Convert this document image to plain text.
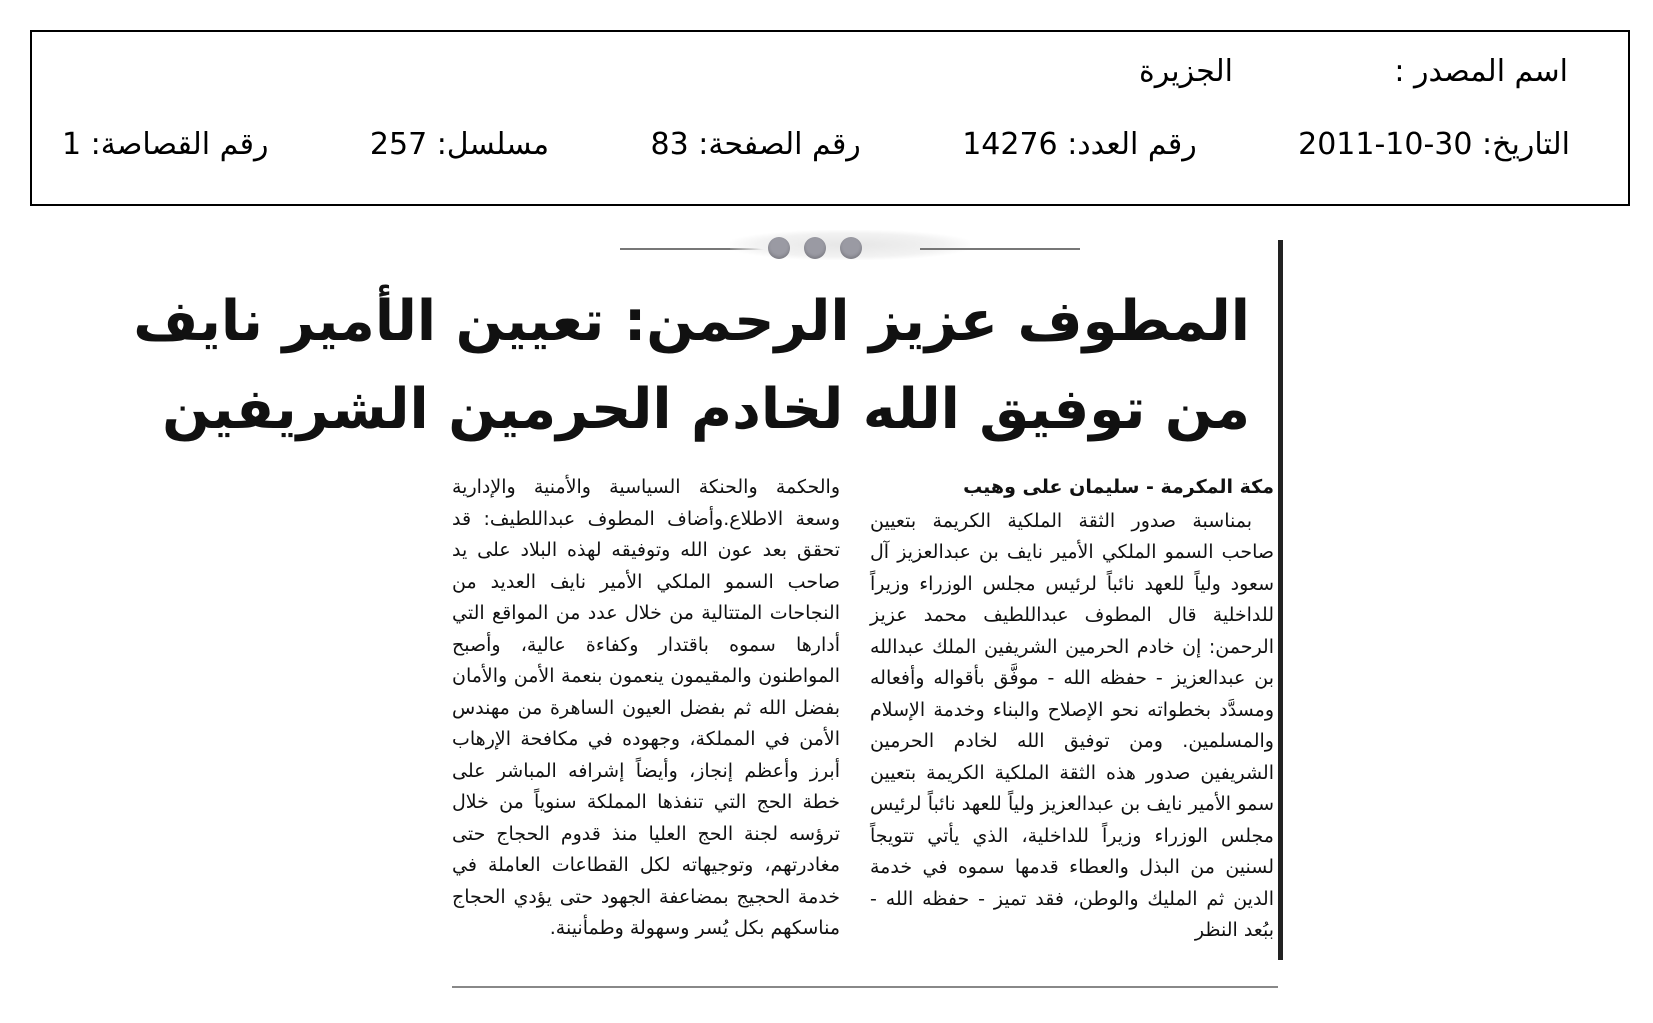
اسم المصدر :
الجزيرة
التاريخ: 2011-10-30
رقم العدد: 14276
رقم الصفحة: 83
مسلسل: 257
رقم القصاصة: 1
المطوف عزيز الرحمن: تعيين الأمير نايف
من توفيق الله لخادم الحرمين الشريفين
مكة المكرمة - سليمان على وهيب

بمناسبة صدور الثقة الملكية الكريمة بتعيين صاحب السمو الملكي الأمير نايف بن عبدالعزيز آل سعود ولياً للعهد نائباً لرئيس مجلس الوزراء وزيراً للداخلية قال المطوف عبداللطيف محمد عزيز الرحمن: إن خادم الحرمين الشريفين الملك عبدالله بن عبدالعزيز - حفظه الله - موفَّق بأقواله وأفعاله ومسدَّد بخطواته نحو الإصلاح والبناء وخدمة الإسلام والمسلمين. ومن توفيق الله لخادم الحرمين الشريفين صدور هذه الثقة الملكية الكريمة بتعيين سمو الأمير نايف بن عبدالعزيز ولياً للعهد نائباً لرئيس مجلس الوزراء وزيراً للداخلية، الذي يأتي تتويجاً لسنين من البذل والعطاء قدمها سموه في خدمة الدين ثم المليك والوطن، فقد تميز - حفظه الله - ببُعد النظر

والحكمة والحنكة السياسية والأمنية والإدارية وسعة الاطلاع.وأضاف المطوف عبداللطيف: قد تحقق بعد عون الله وتوفيقه لهذه البلاد على يد صاحب السمو الملكي الأمير نايف العديد من النجاحات المتتالية من خلال عدد من المواقع التي أدارها سموه باقتدار وكفاءة عالية، وأصبح المواطنون والمقيمون ينعمون بنعمة الأمن والأمان بفضل الله ثم بفضل العيون الساهرة من مهندس الأمن في المملكة، وجهوده في مكافحة الإرهاب أبرز وأعظم إنجاز، وأيضاً إشرافه المباشر على خطة الحج التي تنفذها المملكة سنوياً من خلال ترؤسه لجنة الحج العليا منذ قدوم الحجاج حتى مغادرتهم، وتوجيهاته لكل القطاعات العاملة في خدمة الحجيج بمضاعفة الجهود حتى يؤدي الحجاج مناسكهم بكل يُسر وسهولة وطمأنينة.
